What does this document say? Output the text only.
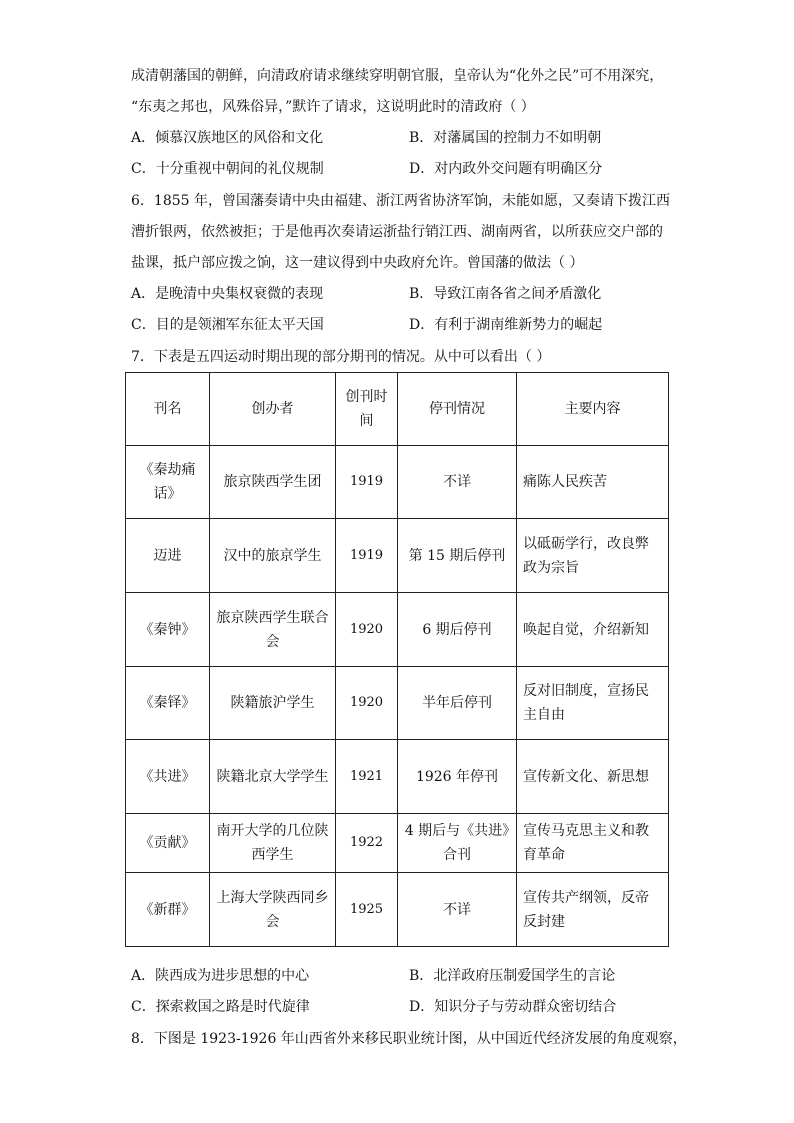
成清朝藩国的朝鲜，向清政府请求继续穿明朝官服，皇帝认为“化外之民”可不用深究，
“东夷之邦也，风殊俗异，”默许了请求，这说明此时的清政府（ ）
A．倾慕汉族地区的风俗和文化	B．对藩属国的控制力不如明朝
C．十分重视中朝间的礼仪规制	D．对内政外交问题有明确区分
6．1855 年，曾国藩奏请中央由福建、浙江两省协济军饷，未能如愿，又奏请下拨江西
漕折银两，依然被拒；于是他再次奏请运浙盐行销江西、湖南两省，以所获应交户部的
盐课，抵户部应拨之饷，这一建议得到中央政府允许。曾国藩的做法（ ）
A．是晚清中央集权衰微的表现	B．导致江南各省之间矛盾激化
C．目的是领湘军东征太平天国	D．有利于湖南维新势力的崛起
7．下表是五四运动时期出现的部分期刊的情况。从中可以看出（ ）
刊名	创办者	创刊时间	停刊情况	主要内容
《秦劫痛话》	旅京陕西学生团	1919	不详	痛陈人民疾苦
迈进	汉中的旅京学生	1919	第 15 期后停刊	以砥砺学行，改良弊政为宗旨
《秦钟》	旅京陕西学生联合会	1920	6 期后停刊	唤起自觉，介绍新知
《秦铎》	陕籍旅沪学生	1920	半年后停刊	反对旧制度，宣扬民主自由
《共进》	陕籍北京大学学生	1921	1926 年停刊	宣传新文化、新思想
《贡献》	南开大学的几位陕西学生	1922	4 期后与《共进》合刊	宣传马克思主义和教育革命
《新群》	上海大学陕西同乡会	1925	不详	宣传共产纲领，反帝反封建
A．陕西成为进步思想的中心	B．北洋政府压制爱国学生的言论
C．探索救国之路是时代旋律	D．知识分子与劳动群众密切结合
8．下图是 1923-1926 年山西省外来移民职业统计图，从中国近代经济发展的角度观察，
